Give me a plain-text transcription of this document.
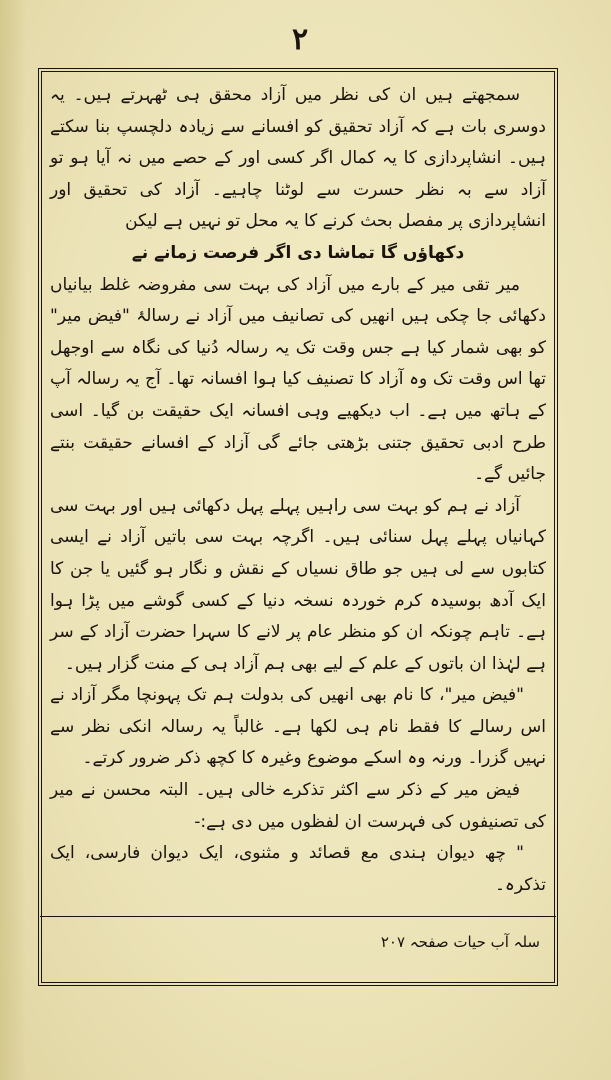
۲

سمجھتے ہیں ان کی نظر میں آزاد محقق ہی ٹھہرتے ہیں۔ یہ دوسری بات ہے کہ آزاد تحقیق کو افسانے سے زیادہ دلچسپ بنا سکتے ہیں۔ انشاپردازی کا یہ کمال اگر کسی اور کے حصے میں نہ آیا ہو تو آزاد سے بہ نظر حسرت سے لوٹنا چاہیے۔ آزاد کی تحقیق اور انشاپردازی پر مفصل بحث کرنے کا یہ محل تو نہیں ہے لیکن

دکھاؤں گا تماشا دی اگر فرصت زمانے نے

میر تقی میر کے بارے میں آزاد کی بہت سی مفروضہ غلط بیانیاں دکھائی جا چکی ہیں انھیں کی تصانیف میں آزاد نے رسالۂ "فیض میر" کو بھی شمار کیا ہے جس وقت تک یہ رسالہ دُنیا کی نگاہ سے اوجھل تھا اس وقت تک وہ آزاد کا تصنیف کیا ہوا افسانہ تھا۔ آج یہ رسالہ آپ کے ہاتھ میں ہے۔ اب دیکھیے وہی افسانہ ایک حقیقت بن گیا۔ اسی طرح ادبی تحقیق جتنی بڑھتی جائے گی آزاد کے افسانے حقیقت بنتے جائیں گے۔

آزاد نے ہم کو بہت سی راہیں پہلے پہل دکھائی ہیں اور بہت سی کہانیاں پہلے پہل سنائی ہیں۔ اگرچہ بہت سی باتیں آزاد نے ایسی کتابوں سے لی ہیں جو طاق نسیاں کے نقش و نگار ہو گئیں یا جن کا ایک آدھ بوسیدہ کرم خوردہ نسخہ دنیا کے کسی گوشے میں پڑا ہوا ہے۔ تاہم چونکہ ان کو منظر عام پر لانے کا سہرا حضرت آزاد کے سر ہے لہٰذا ان باتوں کے علم کے لیے بھی ہم آزاد ہی کے منت گزار ہیں۔

"فیض میر"، کا نام بھی انھیں کی بدولت ہم تک پہونچا مگر آزاد نے اس رسالے کا فقط نام ہی لکھا ہے۔ غالباً یہ رسالہ انکی نظر سے نہیں گزرا۔ ورنہ وہ اسکے موضوع وغیرہ کا کچھ ذکر ضرور کرتے۔

فیض میر کے ذکر سے اکثر تذکرے خالی ہیں۔ البتہ محسن نے میر کی تصنیفوں کی فہرست ان لفظوں میں دی ہے:-

" چھ دیوان ہندی مع قصائد و مثنوی، ایک دیوان فارسی، ایک تذکرہ۔

سلہ آب حیات صفحہ ۲۰۷
